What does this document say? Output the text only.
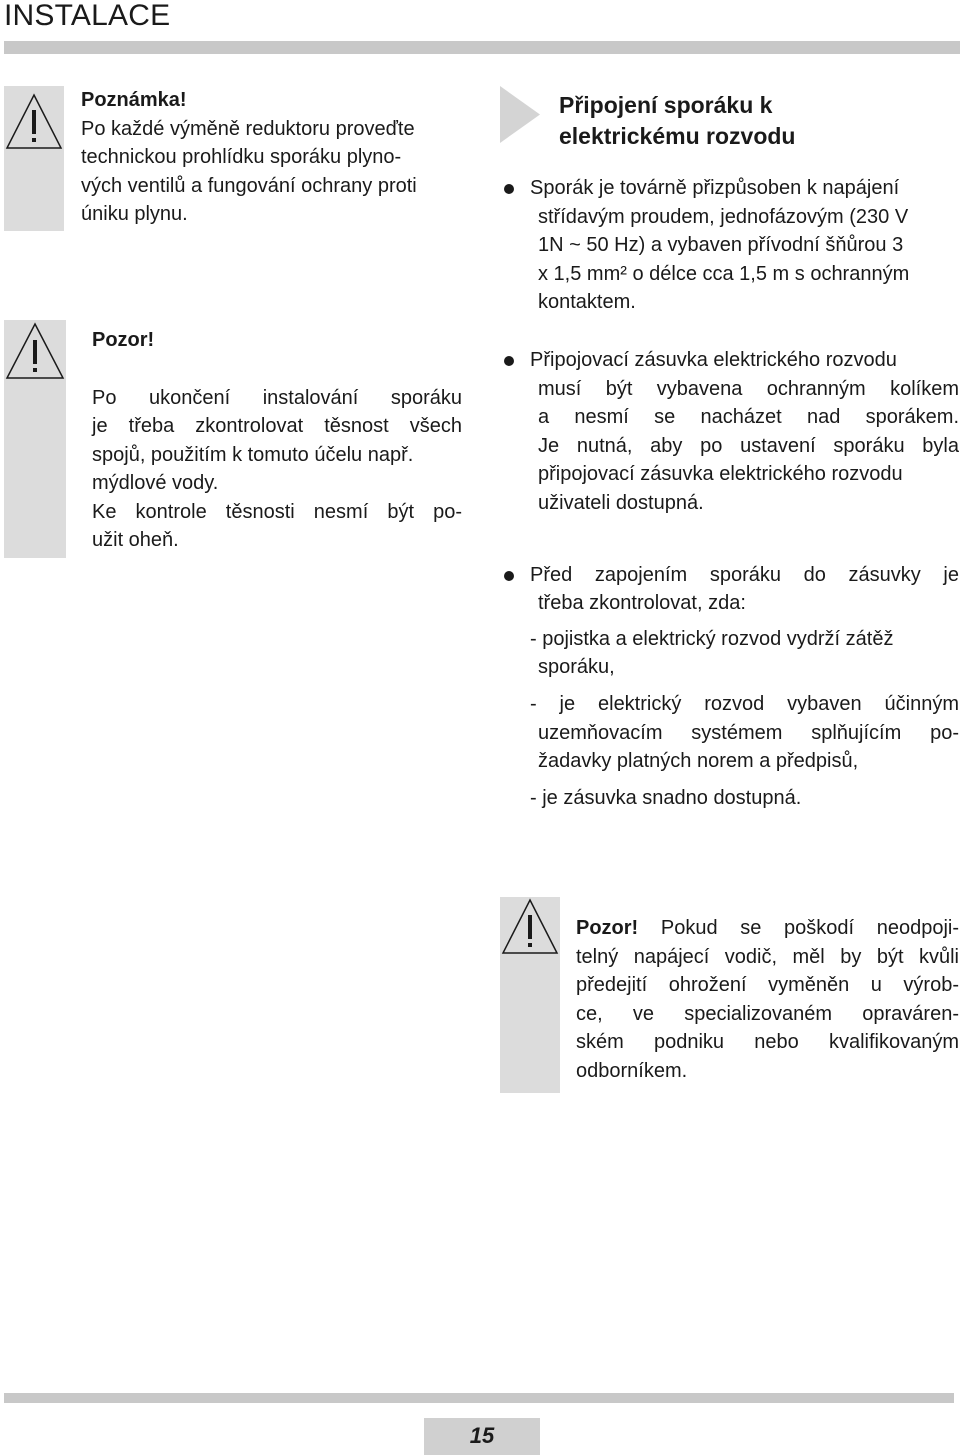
INSTALACE
Poznámka!
Po každé výměně reduktoru proveďte
technickou prohlídku sporáku plyno-
vých ventilů a fungování ochrany proti
úniku plynu.
Pozor!
Po ukončení instalování sporáku
je třeba zkontrolovat těsnost všech
spojů, použitím k tomuto účelu např.
mýdlové vody.
Ke kontrole těsnosti nesmí být po-
užit oheň.
Připojení sporáku k
elektrickému rozvodu
Sporák je továrně přizpůsoben k napájení
střídavým proudem, jednofázovým (230 V
1N ~ 50 Hz) a vybaven přívodní šňůrou 3
x 1,5 mm² o délce cca 1,5 m s ochranným
kontaktem.
Připojovací zásuvka elektrického rozvodu
musí být vybavena ochranným kolíkem
a nesmí se nacházet nad sporákem.
Je nutná, aby po ustavení sporáku byla
připojovací zásuvka elektrického rozvodu
uživateli dostupná.
Před zapojením sporáku do zásuvky je
třeba zkontrolovat, zda:
- pojistka a elektrický rozvod vydrží zátěž
sporáku,
- je elektrický rozvod vybaven účinným
uzemňovacím systémem splňujícím po-
žadavky platných norem a předpisů,
- je zásuvka snadno dostupná.
Pozor! Pokud se poškodí neodpoji-
telný napájecí vodič, měl by být kvůli
předejití ohrožení vyměněn u výrob-
ce, ve specializovaném opraváren-
ském podniku nebo kvalifikovaným
odborníkem.
15
